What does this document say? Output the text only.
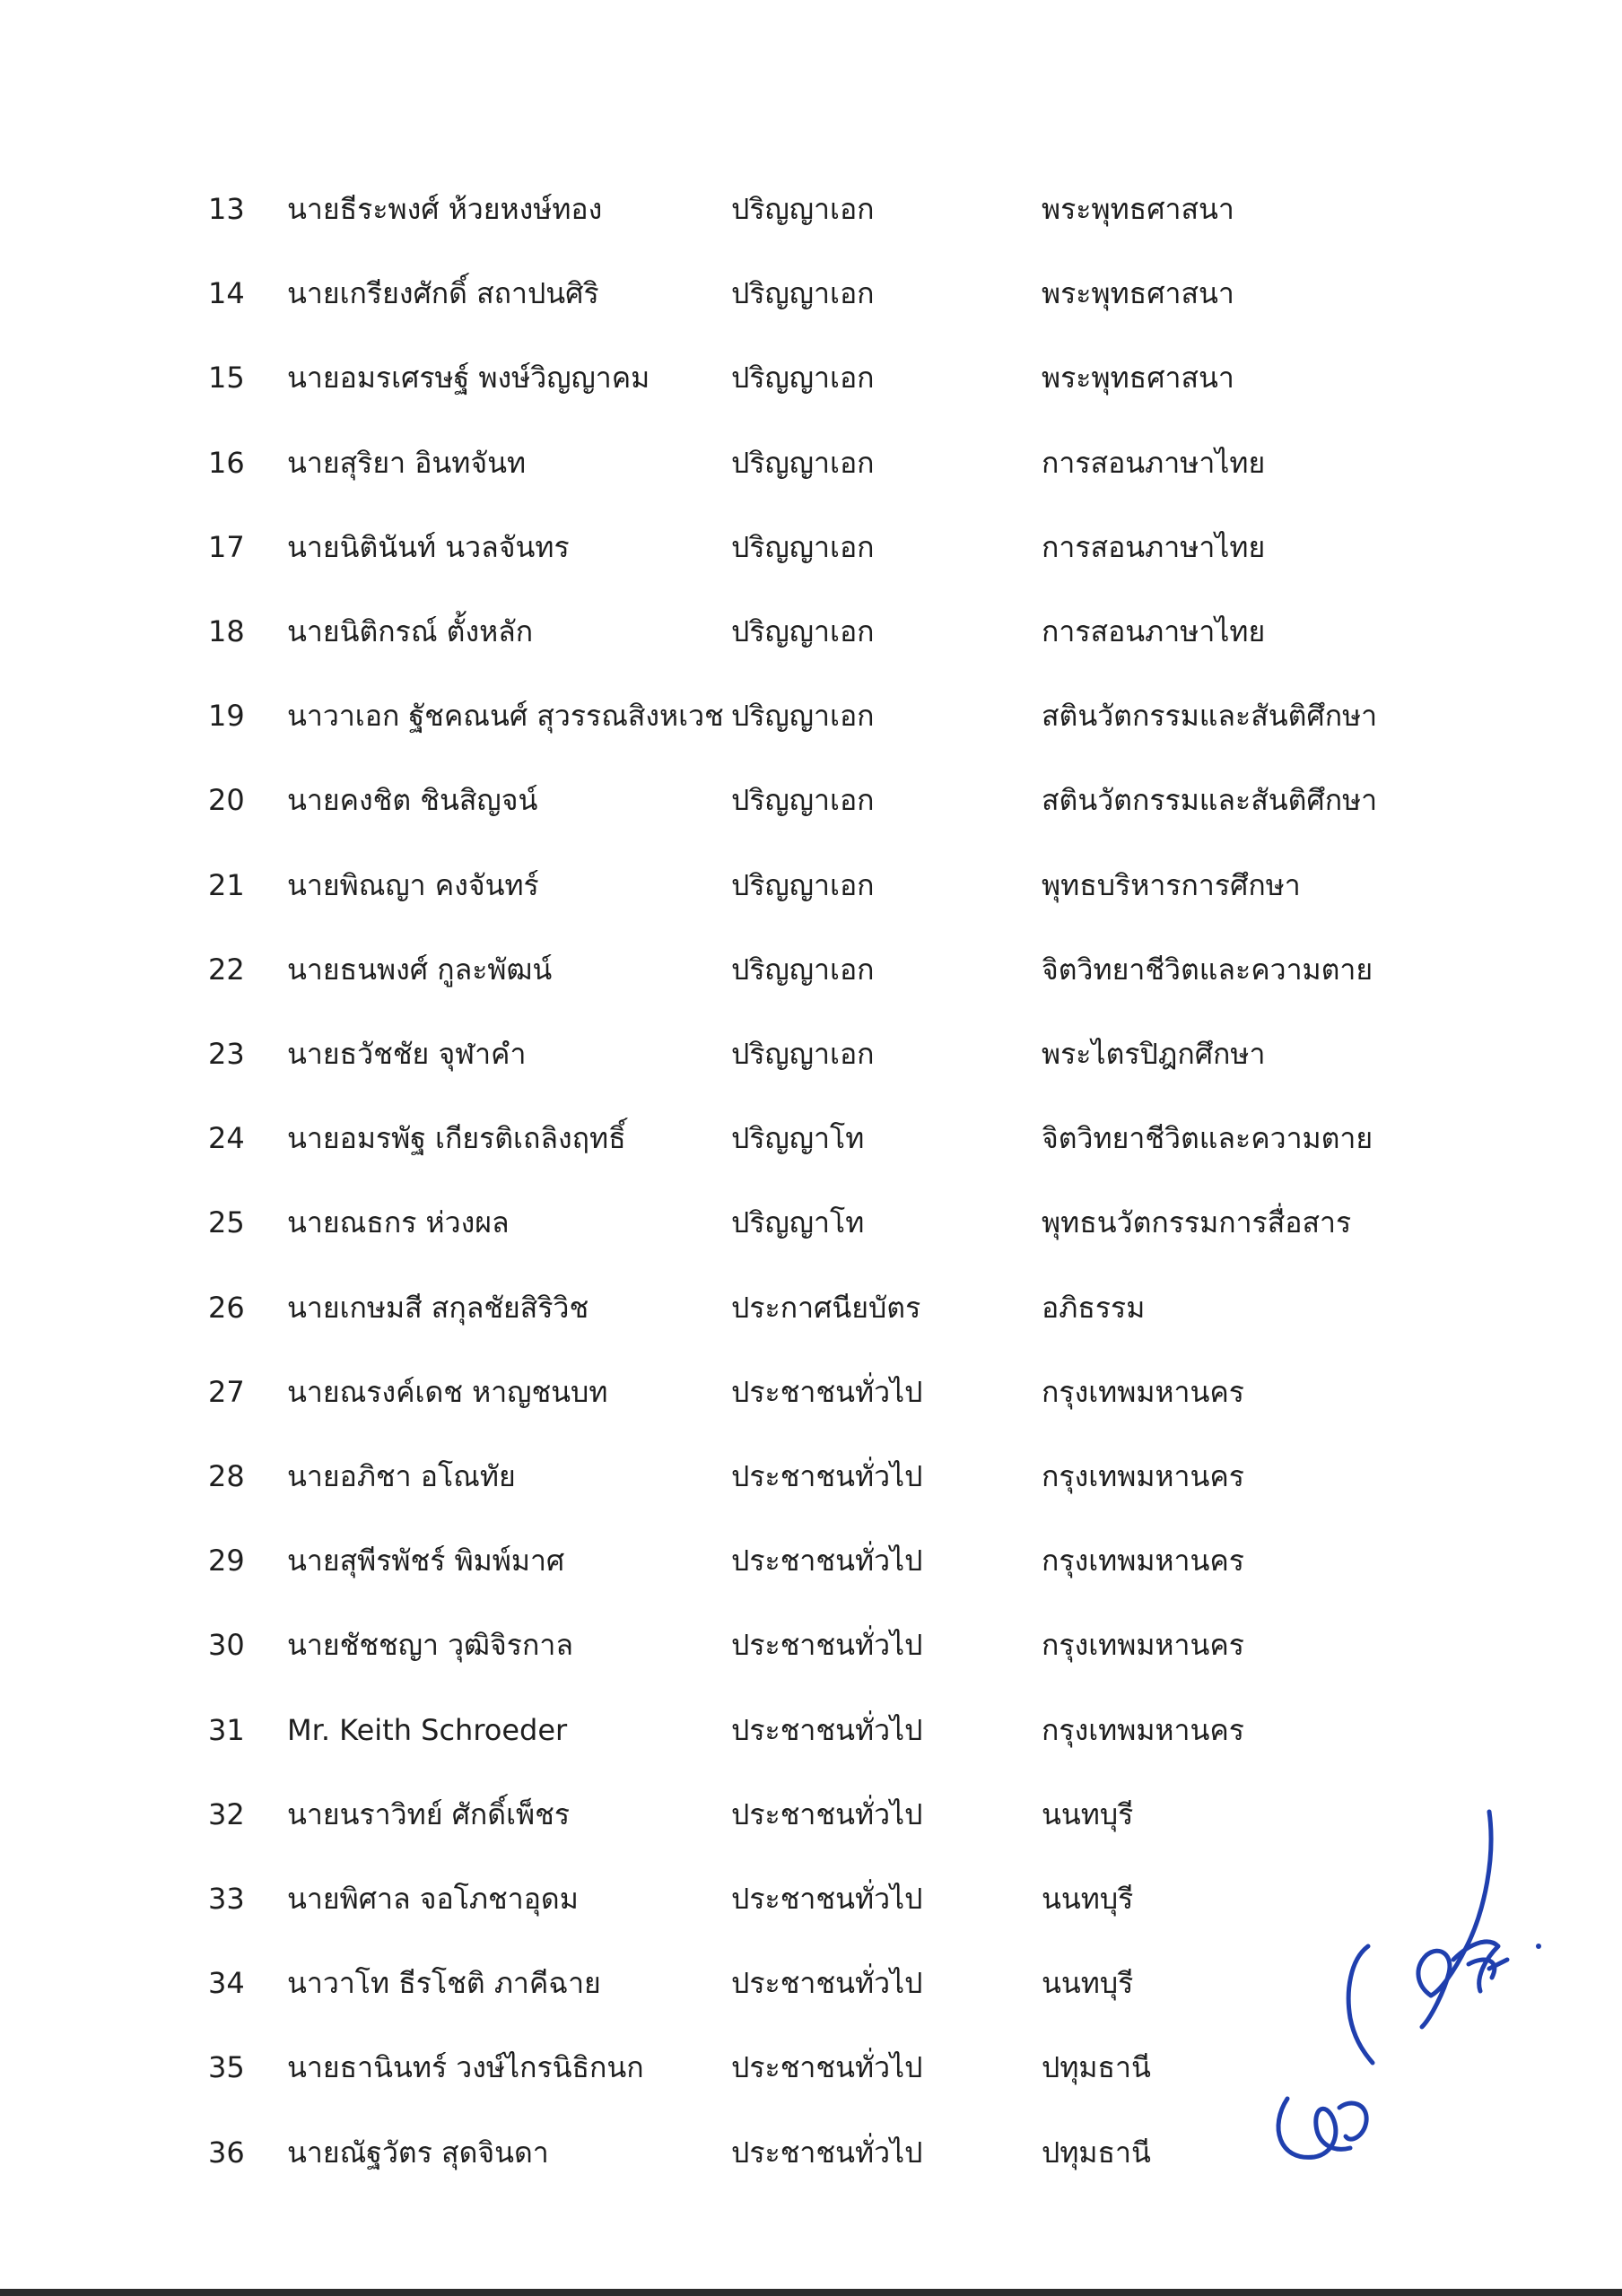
13	นายธีระพงศ์ ห้วยหงษ์ทอง	ปริญญาเอก	พระพุทธศาสนา
14	นายเกรียงศักดิ์ สถาปนศิริ	ปริญญาเอก	พระพุทธศาสนา
15	นายอมรเศรษฐ์ พงษ์วิญญาคม	ปริญญาเอก	พระพุทธศาสนา
16	นายสุริยา อินทจันท	ปริญญาเอก	การสอนภาษาไทย
17	นายนิตินันท์ นวลจันทร	ปริญญาเอก	การสอนภาษาไทย
18	นายนิติกรณ์ ตั้งหลัก	ปริญญาเอก	การสอนภาษาไทย
19	นาวาเอก ฐัชคณนศ์ สุวรรณสิงหเวช ปริญญาเอก	สตินวัตกรรมและสันติศึกษา
20	นายคงชิต ชินสิญจน์	ปริญญาเอก	สตินวัตกรรมและสันติศึกษา
21	นายพิณญา คงจันทร์	ปริญญาเอก	พุทธบริหารการศึกษา
22	นายธนพงศ์ กูละพัฒน์	ปริญญาเอก	จิตวิทยาชีวิตและความตาย
23	นายธวัชชัย จุฬาคำ	ปริญญาเอก	พระไตรปิฎกศึกษา
24	นายอมรพัฐ เกียรติเถลิงฤทธิ์	ปริญญาโท	จิตวิทยาชีวิตและความตาย
25	นายณธกร ห่วงผล	ปริญญาโท	พุทธนวัตกรรมการสื่อสาร
26	นายเกษมสี สกุลชัยสิริวิช	ประกาศนียบัตร	อภิธรรม
27	นายณรงค์เดช หาญชนบท	ประชาชนทั่วไป	กรุงเทพมหานคร
28	นายอภิชา อโณทัย	ประชาชนทั่วไป	กรุงเทพมหานคร
29	นายสุพีรพัชร์ พิมพ์มาศ	ประชาชนทั่วไป	กรุงเทพมหานคร
30	นายชัชชญา วุฒิจิรกาล	ประชาชนทั่วไป	กรุงเทพมหานคร
31	Mr. Keith Schroeder	ประชาชนทั่วไป	กรุงเทพมหานคร
32	นายนราวิทย์ ศักดิ์เพ็ชร	ประชาชนทั่วไป	นนทบุรี
33	นายพิศาล จอโภชาอุดม	ประชาชนทั่วไป	นนทบุรี
34	นาวาโท ธีรโชติ ภาคีฉาย	ประชาชนทั่วไป	นนทบุรี
35	นายธานินทร์ วงษ์ไกรนิธิกนก	ประชาชนทั่วไป	ปทุมธานี
36	นายณัฐวัตร สุดจินดา	ประชาชนทั่วไป	ปทุมธานี
